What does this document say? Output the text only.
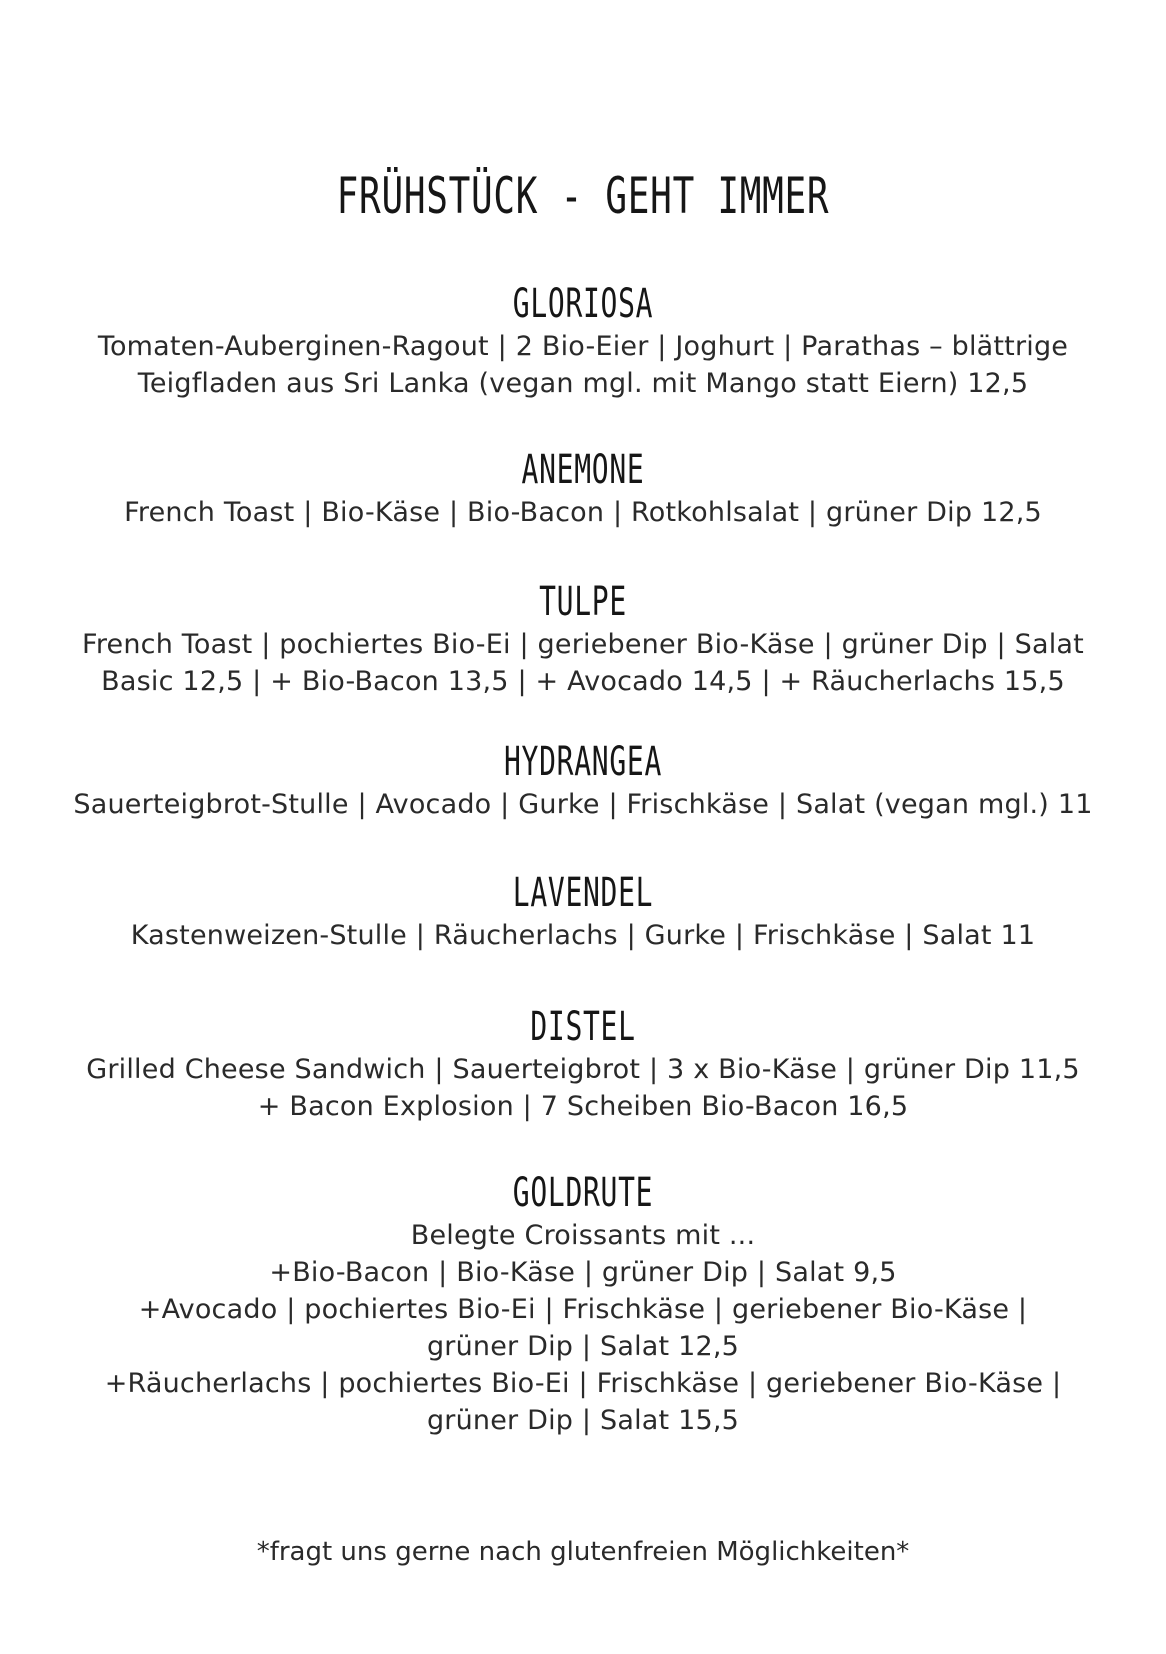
FRÜHSTÜCK - GEHT IMMER
GLORIOSA
Tomaten-Auberginen-Ragout | 2 Bio-Eier | Joghurt | Parathas – blättrige
Teigfladen aus Sri Lanka (vegan mgl. mit Mango statt Eiern) 12,5
ANEMONE
French Toast | Bio-Käse | Bio-Bacon | Rotkohlsalat | grüner Dip 12,5
TULPE
French Toast | pochiertes Bio-Ei | geriebener Bio-Käse | grüner Dip | Salat
Basic 12,5 | + Bio-Bacon 13,5 | + Avocado 14,5 | + Räucherlachs 15,5
HYDRANGEA
Sauerteigbrot-Stulle | Avocado | Gurke | Frischkäse | Salat (vegan mgl.) 11
LAVENDEL
Kastenweizen-Stulle | Räucherlachs | Gurke | Frischkäse | Salat 11
DISTEL
Grilled Cheese Sandwich | Sauerteigbrot | 3 x Bio-Käse | grüner Dip 11,5
+ Bacon Explosion | 7 Scheiben Bio-Bacon 16,5
GOLDRUTE
Belegte Croissants mit ...
+Bio-Bacon | Bio-Käse | grüner Dip | Salat 9,5
+Avocado | pochiertes Bio-Ei | Frischkäse | geriebener Bio-Käse |
grüner Dip | Salat 12,5
+Räucherlachs | pochiertes Bio-Ei | Frischkäse | geriebener Bio-Käse |
grüner Dip | Salat 15,5
*fragt uns gerne nach glutenfreien Möglichkeiten*
